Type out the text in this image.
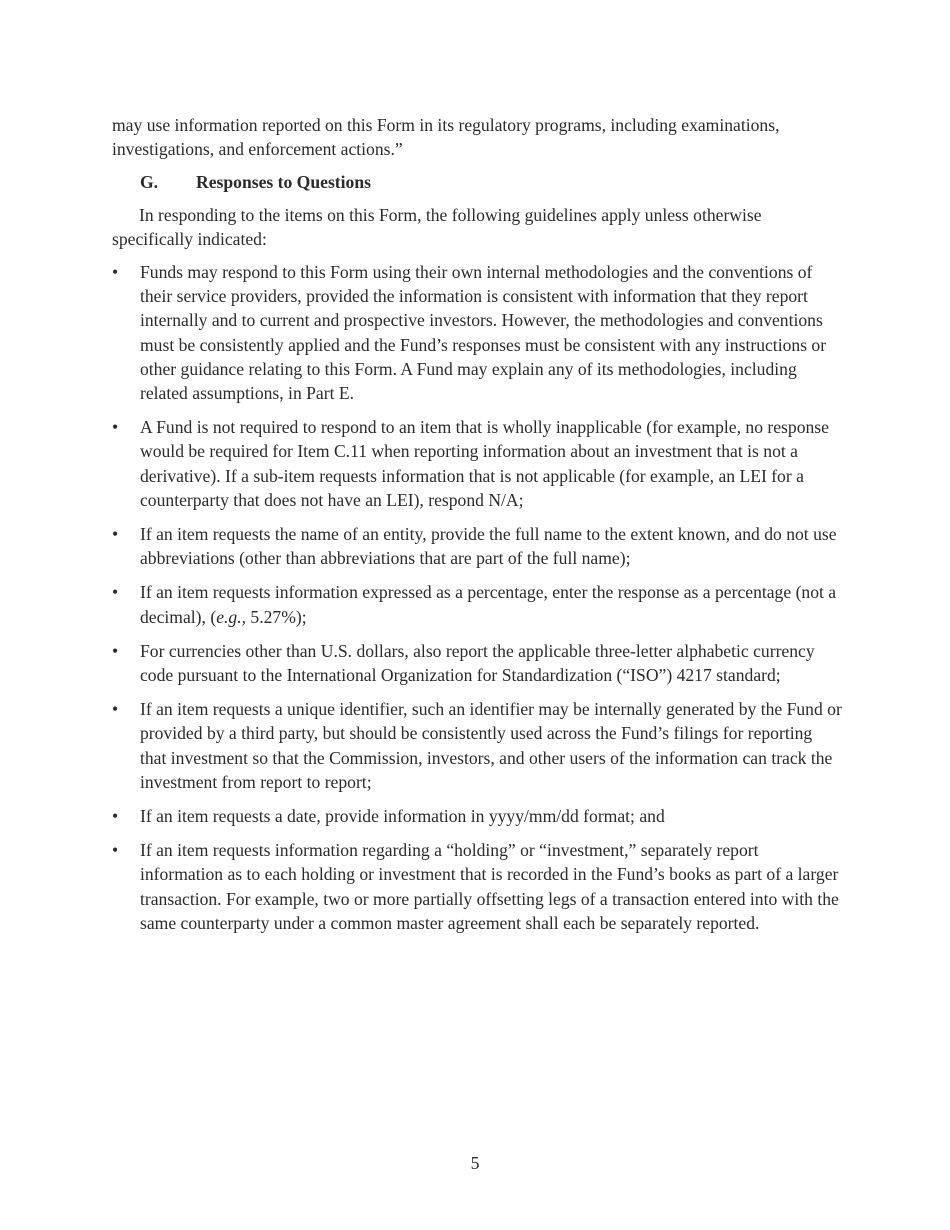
may use information reported on this Form in its regulatory programs, including examinations, investigations, and enforcement actions.”

G.	Responses to Questions

In responding to the items on this Form, the following guidelines apply unless otherwise specifically indicated:

• Funds may respond to this Form using their own internal methodologies and the conventions of their service providers, provided the information is consistent with information that they report internally and to current and prospective investors. However, the methodologies and conventions must be consistently applied and the Fund’s responses must be consistent with any instructions or other guidance relating to this Form. A Fund may explain any of its methodologies, including related assumptions, in Part E.
• A Fund is not required to respond to an item that is wholly inapplicable (for example, no response would be required for Item C.11 when reporting information about an investment that is not a derivative). If a sub-item requests information that is not applicable (for example, an LEI for a counterparty that does not have an LEI), respond N/A;
• If an item requests the name of an entity, provide the full name to the extent known, and do not use abbreviations (other than abbreviations that are part of the full name);
• If an item requests information expressed as a percentage, enter the response as a percentage (not a decimal), (e.g., 5.27%);
• For currencies other than U.S. dollars, also report the applicable three-letter alphabetic currency code pursuant to the International Organization for Standardization (“ISO”) 4217 standard;
• If an item requests a unique identifier, such an identifier may be internally generated by the Fund or provided by a third party, but should be consistently used across the Fund’s filings for reporting that investment so that the Commission, investors, and other users of the information can track the investment from report to report;
• If an item requests a date, provide information in yyyy/mm/dd format; and
• If an item requests information regarding a “holding” or “investment,” separately report information as to each holding or investment that is recorded in the Fund’s books as part of a larger transaction. For example, two or more partially offsetting legs of a transaction entered into with the same counterparty under a common master agreement shall each be separately reported.
5
